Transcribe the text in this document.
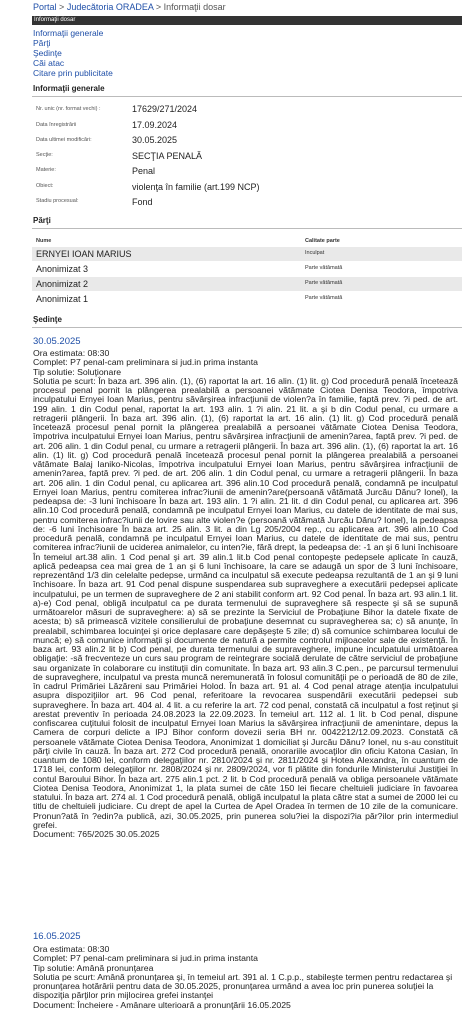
Portal > Judecătoria ORADEA > Informaţii dosar
Informaţii dosar
Informaţii generale
Părţi
Şedinţe
Căi atac
Citare prin publicitate
Informaţii generale
Nr. unic (nr. format vechi) :	17629/271/2024
Data înregistrării	17.09.2024
Data ultimei modificări:	30.05.2025
Secţie:	SECŢIA PENALĂ
Materie:	Penal
Obiect:	violenţa în familie (art.199 NCP)
Stadiu procesual:	Fond
Părţi
Nume	Calitate parte
ERNYEI IOAN MARIUS	Inculpat
Anonimizat 3	Parte vătămată
Anonimizat 2	Parte vătămată
Anonimizat 1	Parte vătămată
Şedinţe
30.05.2025

Ora estimata: 08:30

Complet: P7 penal-cam preliminara si jud.in prima instanta

Tip solutie: Soluţionare

Solutia pe scurt: În baza art. 396 alin. (1), (6) raportat la art. 16 alin. (1) lit. g) Cod procedură penală încetează procesul penal pornit la plângerea prealabilă a persoanei vătămate Ciotea Denisa Teodora, împotriva inculpatului Ernyei Ioan Marius, pentru săvârşirea infracţiunii de violen?a în familie, faptă prev. ?i ped. de art. 199 alin. 1 din Codul penal, raportat la art. 193 alin. 1 ?i alin. 21 lit. a şi b din Codul penal, cu urmare a retragerii plângerii. În baza art. 396 alin. (1), (6) raportat la art. 16 alin. (1) lit. g) Cod procedură penală încetează procesul penal pornit la plângerea prealabilă a persoanei vătămate Ciotea Denisa Teodora, împotriva inculpatului Ernyei Ioan Marius, pentru săvârşirea infracţiunii de amenin?area, faptă prev. ?i ped. de art. 206 alin. 1 din Codul penal, cu urmare a retragerii plângerii. În baza art. 396 alin. (1), (6) raportat la art. 16 alin. (1) lit. g) Cod procedură penală încetează procesul penal pornit la plângerea prealabilă a persoanei vătămate Balaj Ianiko-Nicolas, împotriva inculpatului Ernyei Ioan Marius, pentru săvârşirea infracţiunii de amenin?area, faptă prev. ?i ped. de art. 206 alin. 1 din Codul penal, cu urmare a retragerii plângerii. În baza art. 206 alin. 1 din Codul penal, cu aplicarea art. 396 alin.10 Cod procedură penală, condamnă pe inculpatul Ernyei Ioan Marius, pentru comiterea infrac?iunii de amenin?are(persoană vătămată Jurcău Dănu? Ionel), la pedeapsa de: -3 luni închisoare În baza art. 193 alin. 1 ?i alin. 21 lit. d din Codul penal, cu aplicarea art. 396 alin.10 Cod procedură penală, condamnă pe inculpatul Ernyei Ioan Marius, cu datele de identitate de mai sus, pentru comiterea infrac?iunii de lovire sau alte violen?e (persoană vătămată Jurcău Dănu? Ionel), la pedeapsa de: -6 luni închisoare În baza art. 25 alin. 3 lit. a din Lg 205/2004 rep., cu aplicarea art. 396 alin.10 Cod procedură penală, condamnă pe inculpatul Ernyei Ioan Marius, cu datele de identitate de mai sus, pentru comiterea infrac?iunii de uciderea animalelor, cu inten?ie, fără drept, la pedeapsa de: -1 an şi 6 luni închisoare În temeiul art.38 alin. 1 Cod penal şi art. 39 alin.1 lit.b Cod penal contopeşte pedepsele aplicate în cauză, aplică pedeapsa cea mai grea de 1 an şi 6 luni închisoare, la care se adaugă un spor de 3 luni închisoare, reprezentând 1/3 din celelalte pedepse, urmând ca inculpatul să execute pedeapsa rezultantă de 1 an şi 9 luni închisoare. În baza art. 91 Cod penal dispune suspendarea sub supraveghere a executării pedepsei aplicate inculpatului, pe un termen de supraveghere de 2 ani stabilit conform art. 92 Cod penal. În baza art. 93 alin.1 lit. a)-e) Cod penal, obligă inculpatul ca pe durata termenului de supraveghere să respecte şi să se supună următoarelor măsuri de supraveghere: a) să se prezinte la Serviciul de Probaţiune Bihor la datele fixate de acesta; b) să primească vizitele consilierului de probaţiune desemnat cu supravegherea sa; c) să anunţe, în prealabil, schimbarea locuinţei şi orice deplasare care depăşeşte 5 zile; d) să comunice schimbarea locului de muncă; e) să comunice informaţii şi documente de natură a permite controlul mijloacelor sale de existenţă. În baza art. 93 alin.2 lit b) Cod penal, pe durata termenului de supraveghere, impune inculpatului următoarea obligaţie: -să frecventeze un curs sau program de reintegrare socială derulate de către serviciul de probaţiune sau organizate în colaborare cu instituţii din comunitate. În baza art. 93 alin.3 C.pen., pe parcursul termenului de supraveghere, inculpatul va presta muncă neremunerată în folosul comunităţii pe o perioadă de 80 de zile, în cadrul Primăriei Lăzăreni sau Primăriei Holod. În baza art. 91 al. 4 Cod penal atrage atenţia inculpatului asupra dispoziţiilor art. 96 Cod penal, referitoare la revocarea suspendării executării pedepsei sub supraveghere. În baza art. 404 al. 4 lit. a cu referire la art. 72 cod penal, constată că inculpatul a fost reţinut şi arestat preventiv în perioada 24.08.2023 la 22.09.2023. În temeiul art. 112 al. 1 lit. b Cod penal, dispune confiscarea cuţitului folosit de inculpatul Ernyei Ioan Marius la săvârşirea infracţiunii de amenintare, depus la Camera de corpuri delicte a IPJ Bihor conform dovezii seria BH nr. 0042212/12.09.2023. Constată că persoanele vătămate Ciotea Denisa Teodora, Anonimizat 1 domiciliat şi Jurcău Dănu? Ionel, nu s-au constituit părţi civile în cauză. În baza art. 272 Cod procedură penală, onorariile avocaţilor din oficiu Katona Casian, în cuantum de 1080 lei, conform delegaţiilor nr. 2810/2024 şi nr. 2811/2024 şi Hotea Alexandra, în cuantum de 1718 lei, conform delegaţiilor nr. 2808/2024 şi nr. 2809/2024, vor fi plătite din fondurile Ministerului Justiţiei în contul Baroului Bihor. În baza art. 275 alin.1 pct. 2 lit. b Cod procedură penală va obliga persoanele vătămate Ciotea Denisa Teodora, Anonimizat 1, la plata sumei de câte 150 lei fiecare cheltuieli judiciare în favoarea statului. În baza art. 274 al. 1 Cod procedură penală, obligă inculpatul la plata către stat a sumei de 2000 lei cu titlu de cheltuieli judiciare. Cu drept de apel la Curtea de Apel Oradea în termen de 10 zile de la comunicare. Pronun?ată în ?edin?a publică, azi, 30.05.2025, prin punerea solu?iei la dispozi?ia păr?ilor prin intermediul grefei.

Document: 765/2025 30.05.2025

16.05.2025

Ora estimata: 08:30

Complet: P7 penal-cam preliminara si jud.in prima instanta

Tip solutie: Amână pronunţarea

Solutia pe scurt: Amână pronunţarea şi, în temeiul art. 391 al. 1 C.p.p., stabileşte termen pentru redactarea şi pronunţarea hotărârii pentru data de 30.05.2025, pronunţarea urmând a avea loc prin punerea soluţiei la dispoziţia părţilor prin mijlocirea grefei instanţei

Document: Încheiere - Amânare ulterioară a pronunţării 16.05.2025
